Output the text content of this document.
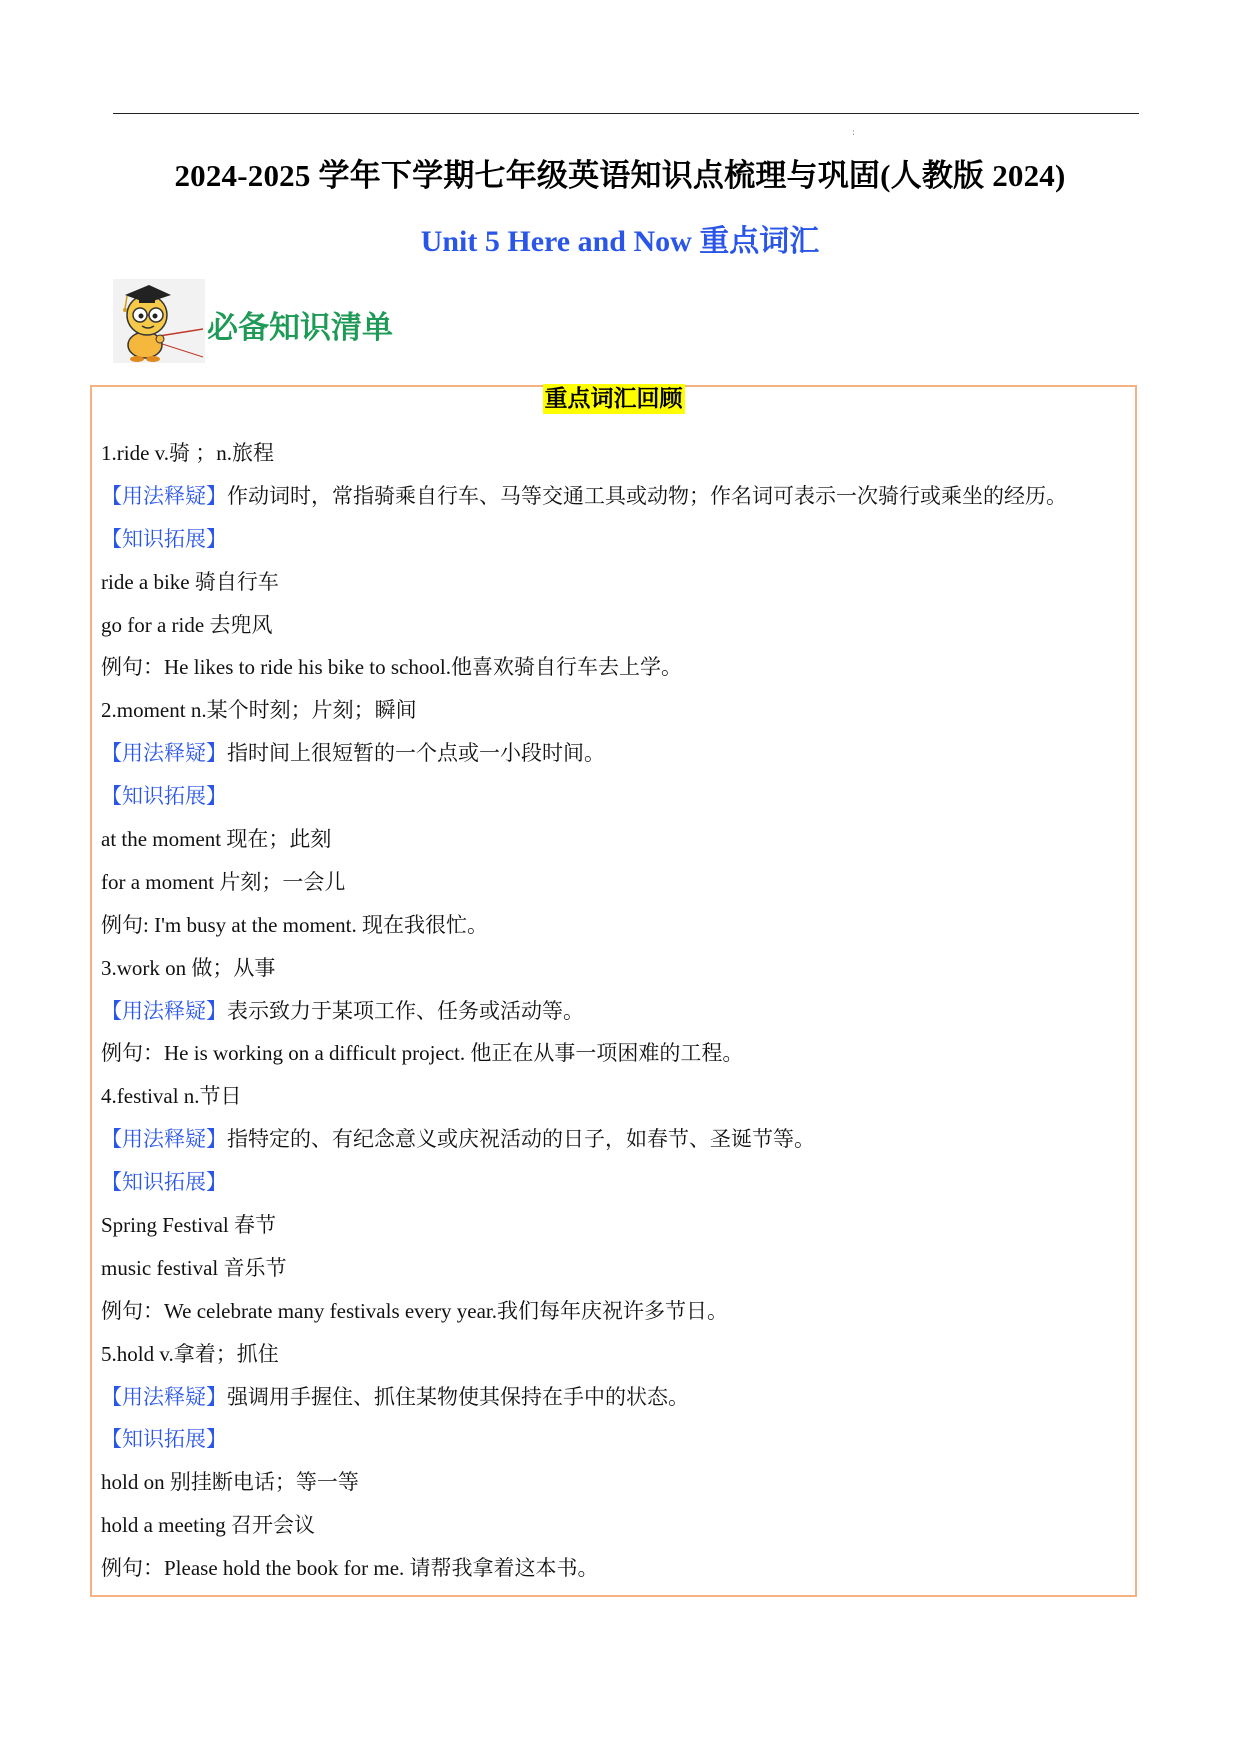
:
2024-2025 学年下学期七年级英语知识点梳理与巩固(人教版 2024)
Unit 5 Here and Now 重点词汇
必备知识清单
重点词汇回顾
1.ride v.骑 ；n.旅程
【用法释疑】作动词时，常指骑乘自行车、马等交通工具或动物；作名词可表示一次骑行或乘坐的经历。
【知识拓展】
ride a bike 骑自行车
go for a ride 去兜风
例句：He likes to ride his bike to school.他喜欢骑自行车去上学。
2.moment n.某个时刻；片刻；瞬间
【用法释疑】指时间上很短暂的一个点或一小段时间。
【知识拓展】
at the moment 现在；此刻
for a moment 片刻；一会儿
例句: I'm busy at the moment. 现在我很忙。
3.work on 做；从事
【用法释疑】表示致力于某项工作、任务或活动等。
例句：He is working on a difficult project. 他正在从事一项困难的工程。
4.festival n.节日
【用法释疑】指特定的、有纪念意义或庆祝活动的日子，如春节、圣诞节等。
【知识拓展】
Spring Festival 春节
music festival 音乐节
例句：We celebrate many festivals every year.我们每年庆祝许多节日。
5.hold v.拿着；抓住
【用法释疑】强调用手握住、抓住某物使其保持在手中的状态。
【知识拓展】
hold on 别挂断电话；等一等
hold a meeting 召开会议
例句：Please hold the book for me. 请帮我拿着这本书。
